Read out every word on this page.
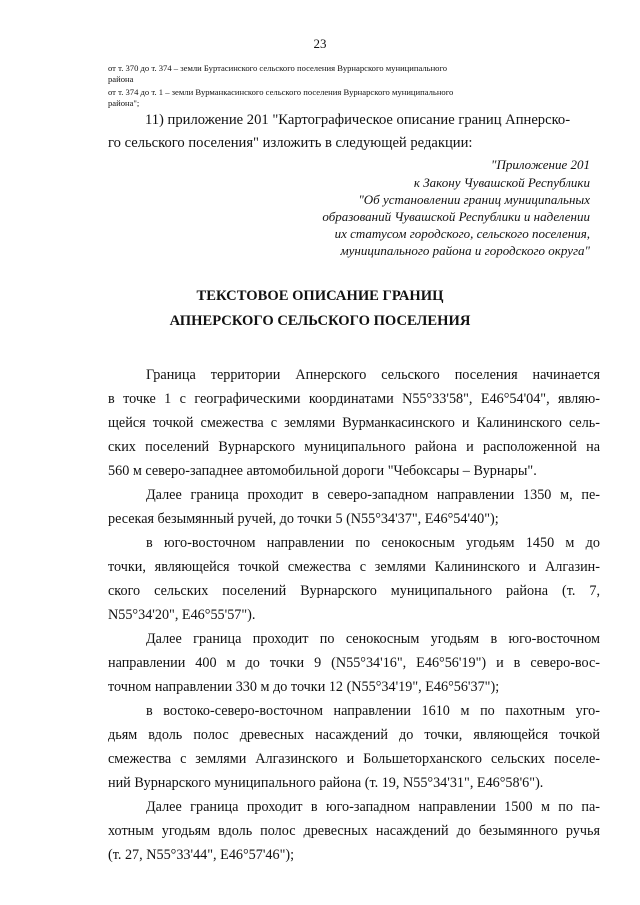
23
от т. 370 до т. 374 – земли Буртасинского сельского поселения Вурнарского муниципального
района
от т. 374 до т. 1 – земли Вурманкасинского сельского поселения Вурнарского муниципального
района";
11) приложение 201 "Картографическое описание границ Апнерско-
го сельского поселения" изложить в следующей редакции:
"Приложение 201
к Закону Чувашской Республики
"Об установлении границ муниципальных
образований Чувашской Республики и наделении
их статусом городского, сельского поселения,
муниципального района и городского округа"
ТЕКСТОВОЕ ОПИСАНИЕ ГРАНИЦ
АПНЕРСКОГО СЕЛЬСКОГО ПОСЕЛЕНИЯ
Граница территории Апнерского сельского поселения начинается
в точке 1 с географическими координатами N55°33'58", E46°54'04", являю-
щейся точкой смежества с землями Вурманкасинского и Калининского сель-
ских поселений Вурнарского муниципального района и расположенной на
560 м северо-западнее автомобильной дороги "Чебоксары – Вурнары".
Далее граница проходит в северо-западном направлении 1350 м, пе-
ресекая безымянный ручей, до точки 5 (N55°34'37", E46°54'40");
в юго-восточном направлении по сенокосным угодьям 1450 м до
точки, являющейся точкой смежества с землями Калининского и Алгазин-
ского сельских поселений Вурнарского муниципального района (т. 7,
N55°34'20", E46°55'57").
Далее граница проходит по сенокосным угодьям в юго-восточном
направлении 400 м до точки 9 (N55°34'16", E46°56'19") и в северо-вос-
точном направлении 330 м до точки 12 (N55°34'19", E46°56'37");
в востоко-северо-восточном направлении 1610 м по пахотным уго-
дьям вдоль полос древесных насаждений до точки, являющейся точкой
смежества с землями Алгазинского и Большеторханского сельских поселе-
ний Вурнарского муниципального района (т. 19, N55°34'31", E46°58'6").
Далее граница проходит в юго-западном направлении 1500 м по па-
хотным угодьям вдоль полос древесных насаждений до безымянного ручья
(т. 27, N55°33'44", E46°57'46");
